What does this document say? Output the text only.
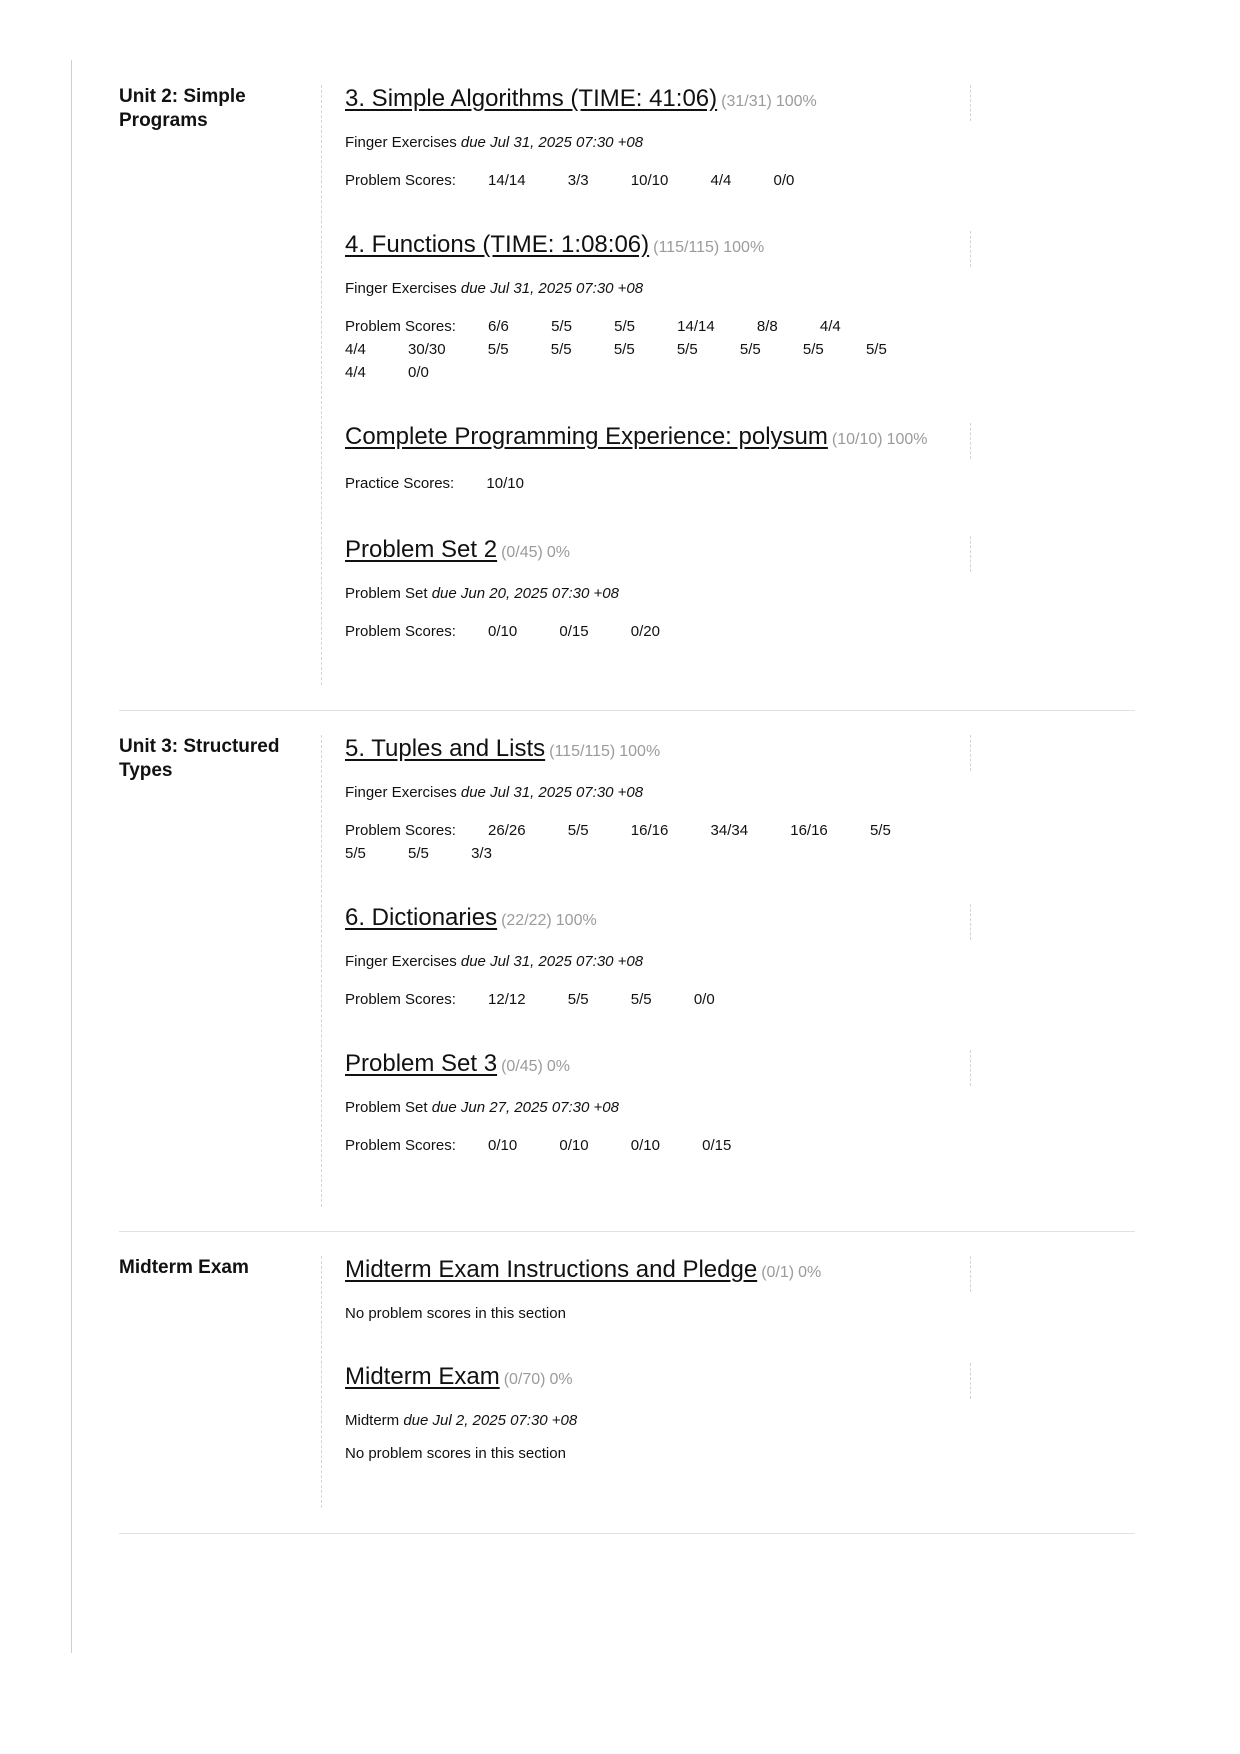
Unit 2: Simple Programs
3. Simple Algorithms (TIME: 41:06) (31/31) 100%
Finger Exercises due Jul 31, 2025 07:30 +08
Problem Scores: 14/14	3/3	10/10	4/4	0/0
4. Functions (TIME: 1:08:06) (115/115) 100%
Finger Exercises due Jul 31, 2025 07:30 +08
Problem Scores: 6/6	5/5	5/5	14/14	8/8	4/4 4/4	30/30	5/5	5/5	5/5	5/5	5/5	5/5	5/5 4/4	0/0
Complete Programming Experience: polysum (10/10) 100%
Practice Scores: 10/10
Problem Set 2 (0/45) 0%
Problem Set due Jun 20, 2025 07:30 +08
Problem Scores: 0/10	0/15	0/20
Unit 3: Structured Types
5. Tuples and Lists (115/115) 100%
Finger Exercises due Jul 31, 2025 07:30 +08
Problem Scores: 26/26	5/5	16/16	34/34	16/16	5/5 5/5	5/5	3/3
6. Dictionaries (22/22) 100%
Finger Exercises due Jul 31, 2025 07:30 +08
Problem Scores: 12/12	5/5	5/5	0/0
Problem Set 3 (0/45) 0%
Problem Set due Jun 27, 2025 07:30 +08
Problem Scores: 0/10	0/10	0/10	0/15
Midterm Exam	Midterm Exam Instructions and Pledge (0/1) 0%
No problem scores in this section
Midterm Exam (0/70) 0%
Midterm due Jul 2, 2025 07:30 +08
No problem scores in this section
